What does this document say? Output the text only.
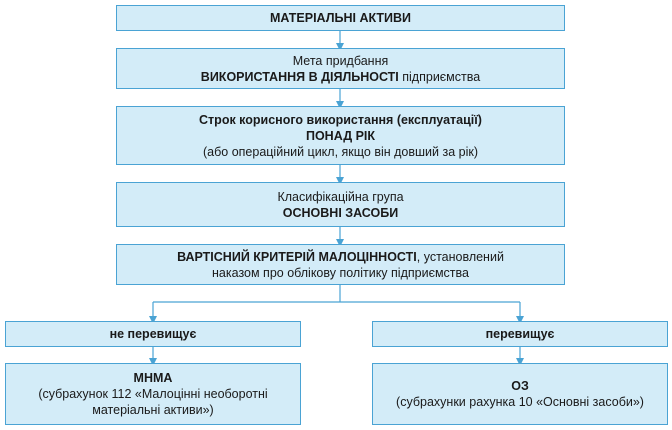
МАТЕРІАЛЬНІ АКТИВИ
Мета придбання
ВИКОРИСТАННЯ В ДІЯЛЬНОСТІ підприємства
Строк корисного використання (експлуатації)
ПОНАД РІК
(або операційний цикл, якщо він довший за рік)
Класифікаційна група
ОСНОВНІ ЗАСОБИ
ВАРТІСНИЙ КРИТЕРІЙ МАЛОЦІННОСТІ, установлений
наказом про облікову політику підприємства
не перевищує	перевищує
МНМА
(субрахунок 112 «Малоцінні необоротні
матеріальні активи»)
ОЗ
(субрахунки рахунка 10 «Основні засоби»)
